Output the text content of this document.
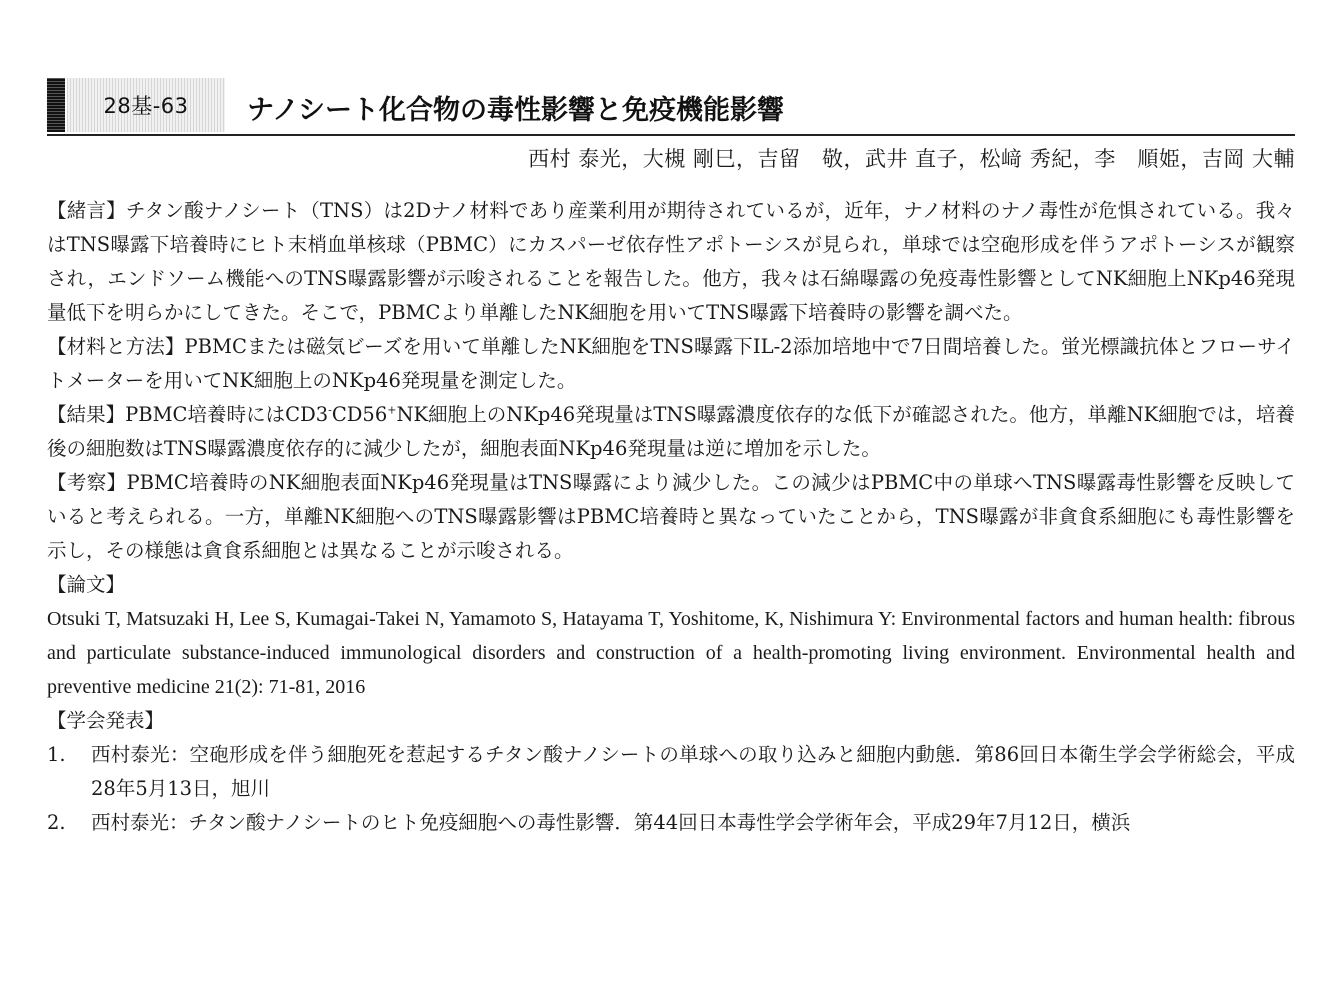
28基-63 ナノシート化合物の毒性影響と免疫機能影響
西村 泰光，大槻 剛巳，吉留　敬，武井 直子，松﨑 秀紀，李　順姫，吉岡 大輔

【緒言】チタン酸ナノシート（TNS）は2Dナノ材料であり産業利用が期待されているが，近年，ナノ材料のナノ毒性が危惧されている。我々はTNS曝露下培養時にヒト末梢血単核球（PBMC）にカスパーゼ依存性アポトーシスが見られ，単球では空砲形成を伴うアポトーシスが観察され，エンドソーム機能へのTNS曝露影響が示唆されることを報告した。他方，我々は石綿曝露の免疫毒性影響としてNK細胞上NKp46発現量低下を明らかにしてきた。そこで，PBMCより単離したNK細胞を用いてTNS曝露下培養時の影響を調べた。

【材料と方法】PBMCまたは磁気ビーズを用いて単離したNK細胞をTNS曝露下IL-2添加培地中で7日間培養した。蛍光標識抗体とフローサイトメーターを用いてNK細胞上のNKp46発現量を測定した。

【結果】PBMC培養時にはCD3-CD56+NK細胞上のNKp46発現量はTNS曝露濃度依存的な低下が確認された。他方，単離NK細胞では，培養後の細胞数はTNS曝露濃度依存的に減少したが，細胞表面NKp46発現量は逆に増加を示した。

【考察】PBMC培養時のNK細胞表面NKp46発現量はTNS曝露により減少した。この減少はPBMC中の単球へTNS曝露毒性影響を反映していると考えられる。一方，単離NK細胞へのTNS曝露影響はPBMC培養時と異なっていたことから，TNS曝露が非貪食系細胞にも毒性影響を示し，その様態は貪食系細胞とは異なることが示唆される。

【論文】

Otsuki T, Matsuzaki H, Lee S, Kumagai-Takei N, Yamamoto S, Hatayama T, Yoshitome, K, Nishimura Y: Environmental factors and human health: fibrous and particulate substance-induced immunological disorders and construction of a health-promoting living environment. Environmental health and preventive medicine 21(2): 71-81, 2016

【学会発表】

1. 西村泰光：空砲形成を伴う細胞死を惹起するチタン酸ナノシートの単球への取り込みと細胞内動態．第86回日本衛生学会学術総会，平成28年5月13日，旭川
2. 西村泰光：チタン酸ナノシートのヒト免疫細胞への毒性影響．第44回日本毒性学会学術年会，平成29年7月12日，横浜
